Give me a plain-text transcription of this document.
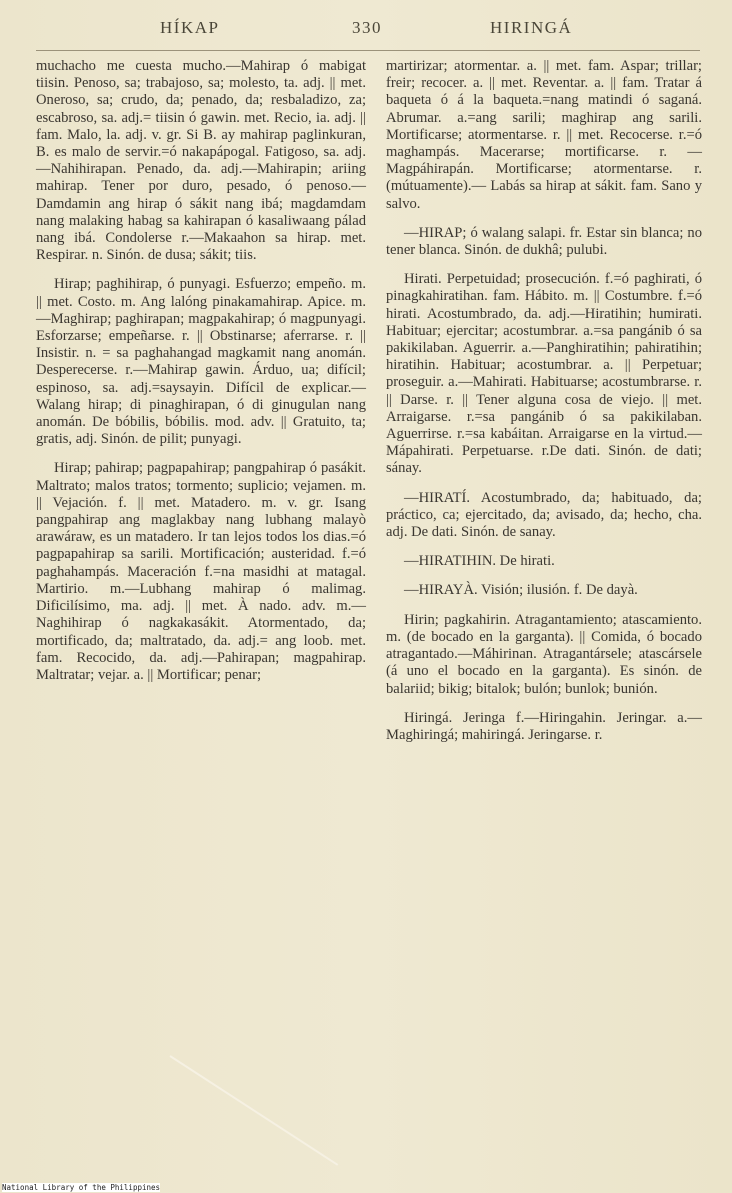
HÍKAP	330	HIRINGÁ

muchacho me cuesta mucho.—Mahirap ó mabigat tiisin. Penoso, sa; trabajoso, sa; molesto, ta. adj. || met. Oneroso, sa; crudo, da; penado, da; resbaladizo, za; escabroso, sa. adj.= tiisin ó gawin. met. Recio, ia. adj. || fam. Malo, la. adj. v. gr. Si B. ay mahirap paglinkuran, B. es malo de servir.=ó nakapápogal. Fatigoso, sa. adj.—Nahihirapan. Penado, da. adj.—Mahirapin; ariing mahirap. Tener por duro, pesado, ó penoso.—Damdamin ang hirap ó sákit nang ibá; magdamdam nang malaking habag sa kahirapan ó kasaliwaang pálad nang ibá. Condolerse r.—Makaahon sa hirap. met. Respirar. n. Sinón. de dusa; sákit; tiis.

Hirap; paghihirap, ó punyagi. Esfuerzo; empeño. m. || met. Costo. m. Ang lalóng pinakamahirap. Apice. m.—Maghirap; paghirapan; magpakahirap; ó magpunyagi. Esforzarse; empeñarse. r. || Obstinarse; aferrarse. r. || Insistir. n. = sa paghahangad magkamit nang anomán. Desperecerse. r.—Mahirap gawin. Árduo, ua; difícil; espinoso, sa. adj.=saysayin. Difícil de explicar.—Walang hirap; di pinaghirapan, ó di ginugulan nang anomán. De bóbilis, bóbilis. mod. adv. || Gratuito, ta; gratis, adj. Sinón. de pilit; punyagi.

Hirap; pahirap; pagpapahirap; pangpahirap ó pasákit. Maltrato; malos tratos; tormento; suplicio; vejamen. m. || Vejación. f. || met. Matadero. m. v. gr. Isang pangpahirap ang maglakbay nang lubhang malayò arawáraw, es un matadero. Ir tan lejos todos los dias.=ó pagpapahirap sa sarili. Mortificación; austeridad. f.=ó paghahampás. Maceración f.=na masidhi at matagal. Martirio. m.—Lubhang mahirap ó malimag. Dificilísimo, ma. adj. || met. À nado. adv. m.—Naghihirap ó nagkakasákit. Atormentado, da; mortificado, da; maltratado, da. adj.= ang loob. met. fam. Recocido, da. adj.—Pahirapan; magpahirap. Maltratar; vejar. a. || Mortificar; penar;

martirizar; atormentar. a. || met. fam. Aspar; trillar; freir; recocer. a. || met. Reventar. a. || fam. Tratar á baqueta ó á la baqueta.=nang matindi ó saganá. Abrumar. a.=ang sarili; maghirap ang sarili. Mortificarse; atormentarse. r. || met. Recocerse. r.=ó maghampás. Macerarse; mortificarse. r. —Magpáhirapán. Mortificarse; atormentarse. r. (mútuamente).— Labás sa hirap at sákit. fam. Sano y salvo.

—HIRAP; ó walang salapi. fr. Estar sin blanca; no tener blanca. Sinón. de dukhâ; pulubi.

Hirati. Perpetuidad; prosecución. f.=ó paghirati, ó pinagkahiratihan. fam. Hábito. m. || Costumbre. f.=ó hirati. Acostumbrado, da. adj.—Hiratihin; humirati. Habituar; ejercitar; acostumbrar. a.=sa pangánib ó sa pakikilaban. Aguerrir. a.—Panghiratihin; pahiratihin; hiratihin. Habituar; acostumbrar. a. || Perpetuar; proseguir. a.—Mahirati. Habituarse; acostumbrarse. r. || Darse. r. || Tener alguna cosa de viejo. || met. Arraigarse. r.=sa pangánib ó sa pakikilaban. Aguerrirse. r.=sa kabáitan. Arraigarse en la virtud.—Mápahirati. Perpetuarse. r.De dati. Sinón. de dati; sánay.

—HIRATÍ. Acostumbrado, da; habituado, da; práctico, ca; ejercitado, da; avisado, da; hecho, cha. adj. De dati. Sinón. de sanay.

—HIRATIHIN. De hirati.

—HIRAYÀ. Visión; ilusión. f. De dayà.

Hirin; pagkahirin. Atragantamiento; atascamiento. m. (de bocado en la garganta). || Comida, ó bocado atragantado.—Máhirinan. Atragantársele; atascársele (á uno el bocado en la garganta). Es sinón. de balariid; bikig; bitalok; bulón; bunlok; bunión.

Hiringá. Jeringa f.—Hiringahin. Jeringar. a.—Maghiringá; mahiringá. Jeringarse. r.

National Library of the Philippines
